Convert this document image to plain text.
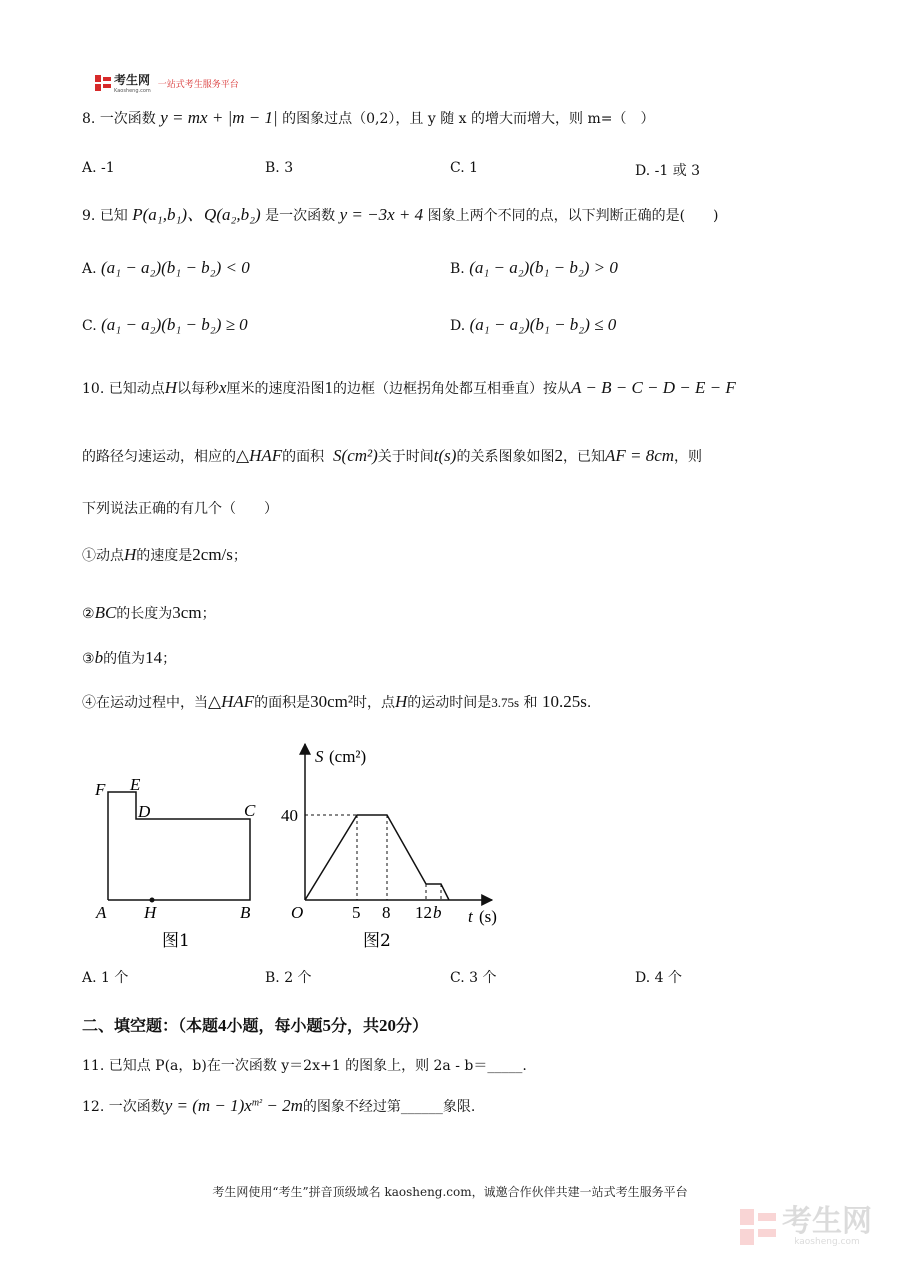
考生网
Kaosheng.com
一站式考生服务平台
8. 一次函数 y = mx + |m − 1| 的图象过点（0,2），且 y 随 x 的增大而增大，则 m=（　）
A. -1	B. 3	C. 1	D. -1 或 3
9. 已知 P(a₁,b₁)、Q(a₂,b₂) 是一次函数 y = −3x + 4 图象上两个不同的点，以下判断正确的是(　　)
A. (a₁ − a₂)(b₁ − b₂) < 0	B. (a₁ − a₂)(b₁ − b₂) > 0
C. (a₁ − a₂)(b₁ − b₂) ≥ 0	D. (a₁ − a₂)(b₁ − b₂) ≤ 0
10. 已知动点H以每秒x厘米的速度沿图1的边框（边框拐角处都互相垂直）按从A − B − C − D − E − F
的路径匀速运动，相应的△HAF的面积 S(cm²)关于时间t(s)的关系图象如图2，已知AF = 8cm，则
下列说法正确的有几个（　　）
①动点H的速度是2cm/s；
②BC的长度为3cm；
③b的值为14；
④在运动过程中，当△HAF的面积是30cm²时，点H的运动时间是3.75s 和 10.25s.
F E
D	C
A H	B
图1
S (cm²)
40
O	5 8 12 b t (s)
图2
A. 1 个	B. 2 个	C. 3 个	D. 4 个
二、填空题：（本题4小题，每小题5分，共20分）
11. 已知点 P(a，b)在一次函数 y＝2x+1 的图象上，则 2a - b＝_____.
12. 一次函数$y = (m - 1)x^{m^2} - 2m$的图象不经过第______象限.
考生网使用“考生”拼音顶级域名 kaosheng.com，诚邀合作伙伴共建一站式考生服务平台
考生网
kaosheng.com
